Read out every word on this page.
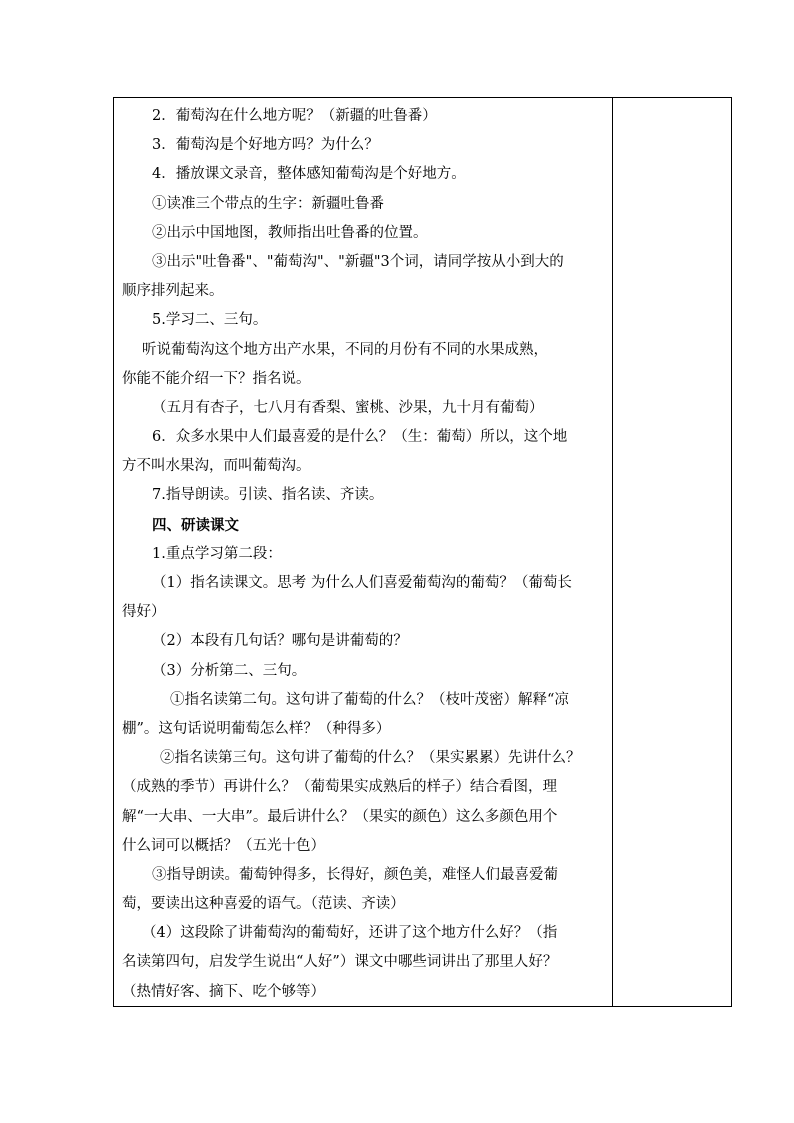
2．葡萄沟在什么地方呢？（新疆的吐鲁番）
3．葡萄沟是个好地方吗？为什么？
4．播放课文录音，整体感知葡萄沟是个好地方。
①读准三个带点的生字：新疆吐鲁番
②出示中国地图，教师指出吐鲁番的位置。
③出示"吐鲁番"、"葡萄沟"、"新疆"3个词，请同学按从小到大的
顺序排列起来。
5.学习二、三句。
听说葡萄沟这个地方出产水果，不同的月份有不同的水果成熟，
你能不能介绍一下？指名说。
（五月有杏子，七八月有香梨、蜜桃、沙果，九十月有葡萄）
6．众多水果中人们最喜爱的是什么？（生：葡萄）所以，这个地
方不叫水果沟，而叫葡萄沟。
7.指导朗读。引读、指名读、齐读。
四、研读课文
1.重点学习第二段：
（1）指名读课文。思考 为什么人们喜爱葡萄沟的葡萄？（葡萄长
得好）
（2）本段有几句话？哪句是讲葡萄的？
（3）分析第二、三句。
①指名读第二句。这句讲了葡萄的什么？（枝叶茂密）解释“凉
棚”。这句话说明葡萄怎么样？（种得多）
②指名读第三句。这句讲了葡萄的什么？（果实累累）先讲什么？
（成熟的季节）再讲什么？（葡萄果实成熟后的样子）结合看图，理
解“一大串、一大串”。最后讲什么？（果实的颜色）这么多颜色用个
什么词可以概括？（五光十色）
③指导朗读。葡萄钟得多，长得好，颜色美，难怪人们最喜爱葡
萄，要读出这种喜爱的语气。（范读、齐读）
（4）这段除了讲葡萄沟的葡萄好，还讲了这个地方什么好？（指
名读第四句，启发学生说出“人好”）课文中哪些词讲出了那里人好？
（热情好客、摘下、吃个够等）
